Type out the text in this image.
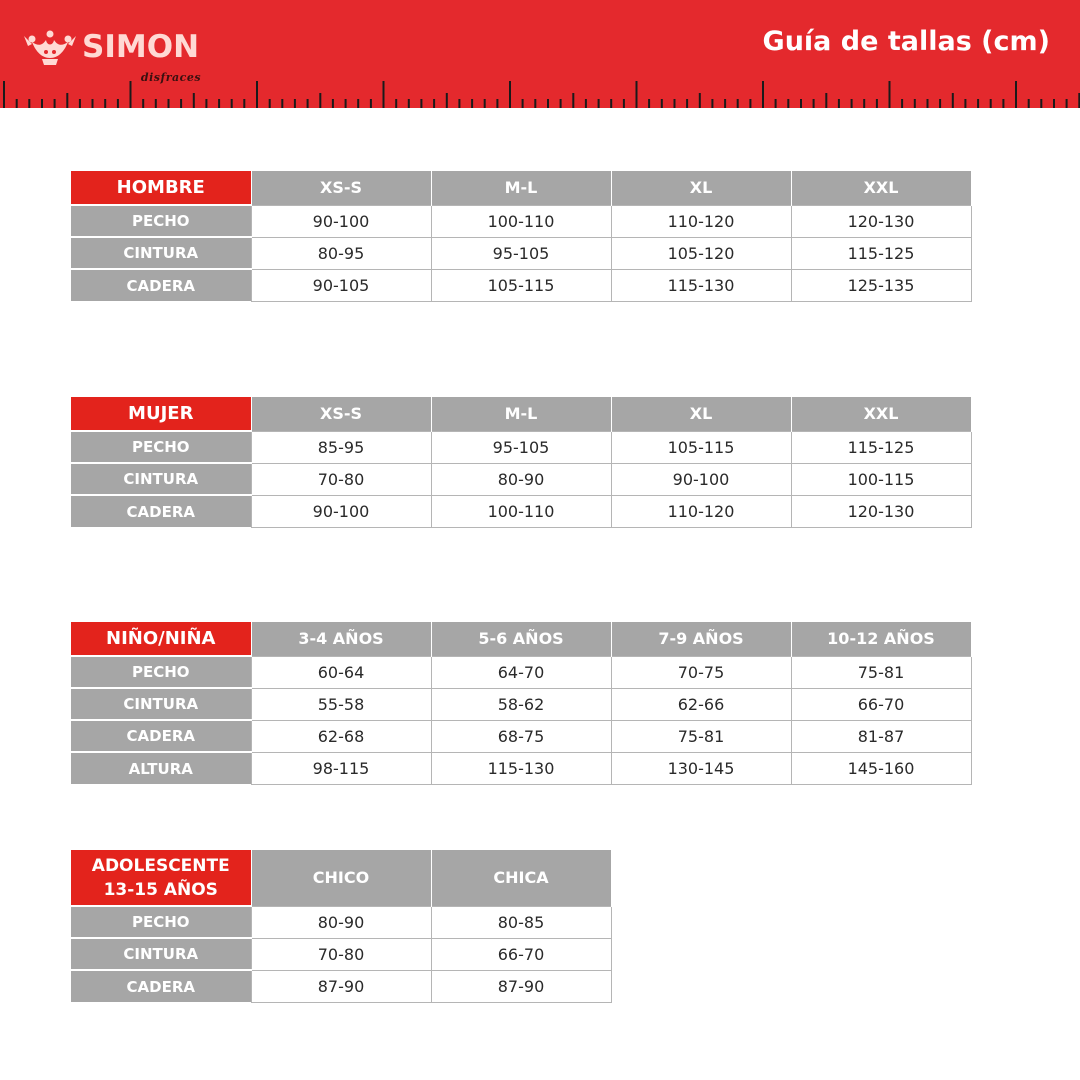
SIMON
disfraces
Guía de tallas (cm)
HOMBRE	XS-S	M-L	XL	XXL
PECHO	90-100	100-110	110-120	120-130
CINTURA	80-95	95-105	105-120	115-125
CADERA	90-105	105-115	115-130	125-135
MUJER	XS-S	M-L	XL	XXL
PECHO	85-95	95-105	105-115	115-125
CINTURA	70-80	80-90	90-100	100-115
CADERA	90-100	100-110	110-120	120-130
NIÑO/NIÑA	3-4 AÑOS	5-6 AÑOS	7-9 AÑOS	10-12 AÑOS
PECHO	60-64	64-70	70-75	75-81
CINTURA	55-58	58-62	62-66	66-70
CADERA	62-68	68-75	75-81	81-87
ALTURA	98-115	115-130	130-145	145-160
ADOLESCENTE 13-15 AÑOS	CHICO	CHICA
PECHO	80-90	80-85
CINTURA	70-80	66-70
CADERA	87-90	87-90
